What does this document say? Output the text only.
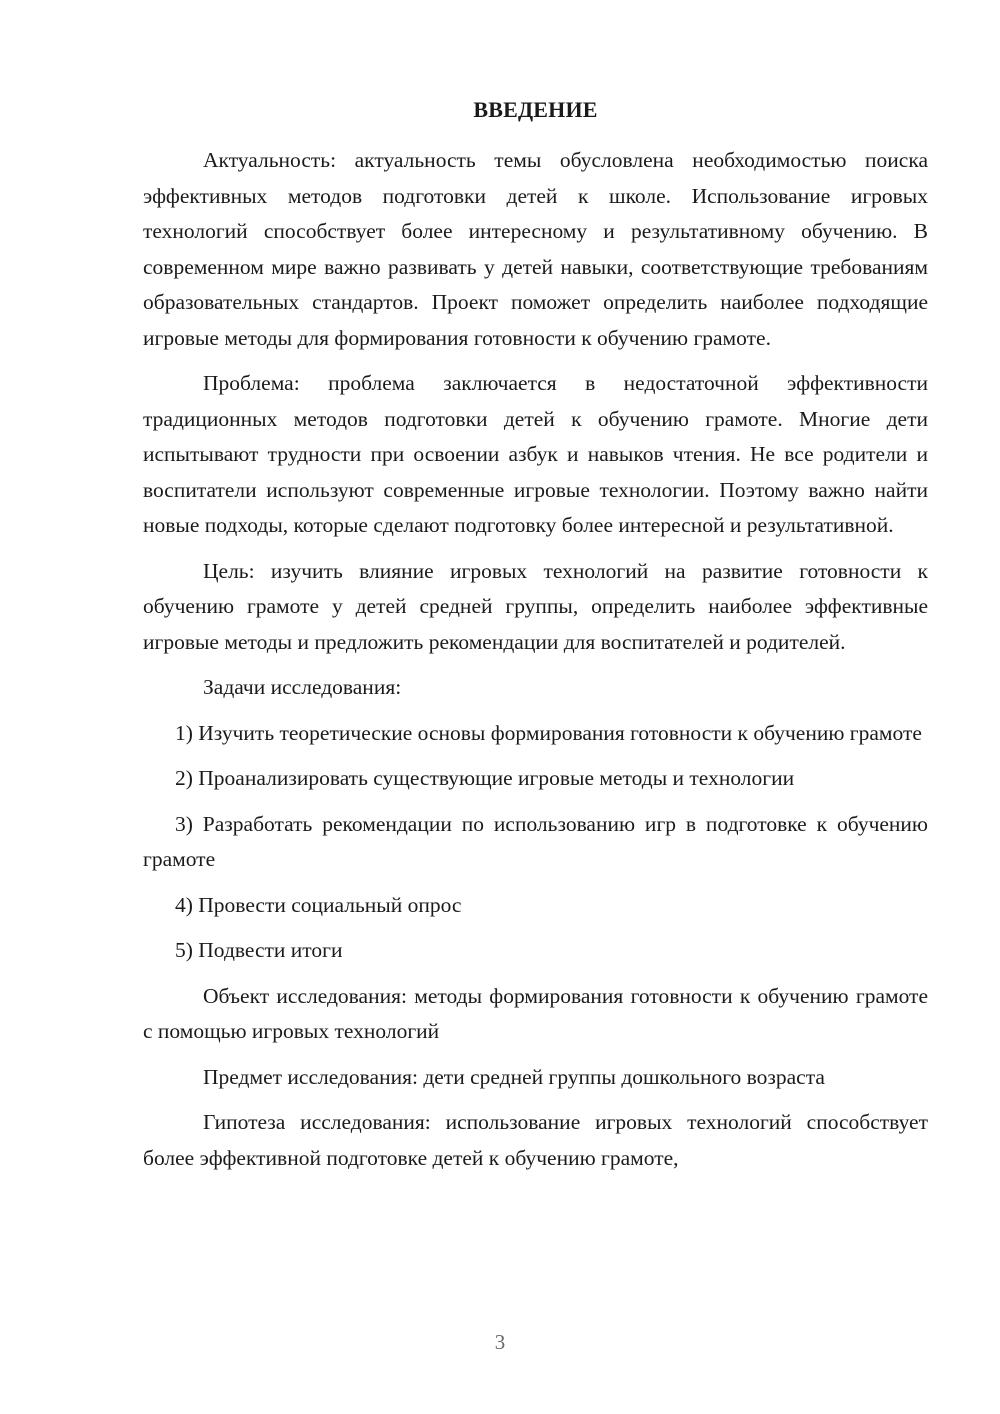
ВВЕДЕНИЕ

Актуальность: актуальность темы обусловлена необходимостью поиска эффективных методов подготовки детей к школе. Использование игровых технологий способствует более интересному и результативному обучению. В современном мире важно развивать у детей навыки, соответствующие требованиям образовательных стандартов. Проект поможет определить наиболее подходящие игровые методы для формирования готовности к обучению грамоте.

Проблема: проблема заключается в недостаточной эффективности традиционных методов подготовки детей к обучению грамоте. Многие дети испытывают трудности при освоении азбук и навыков чтения. Не все родители и воспитатели используют современные игровые технологии. Поэтому важно найти новые подходы, которые сделают подготовку более интересной и результативной.

Цель: изучить влияние игровых технологий на развитие готовности к обучению грамоте у детей средней группы, определить наиболее эффективные игровые методы и предложить рекомендации для воспитателей и родителей.

Задачи исследования:

1) Изучить теоретические основы формирования готовности к обучению грамоте

2) Проанализировать существующие игровые методы и технологии

3) Разработать рекомендации по использованию игр в подготовке к обучению грамоте

4) Провести социальный опрос

5) Подвести итоги

Объект исследования: методы формирования готовности к обучению грамоте с помощью игровых технологий

Предмет исследования: дети средней группы дошкольного возраста

Гипотеза исследования: использование игровых технологий способствует более эффективной подготовке детей к обучению грамоте,

3
